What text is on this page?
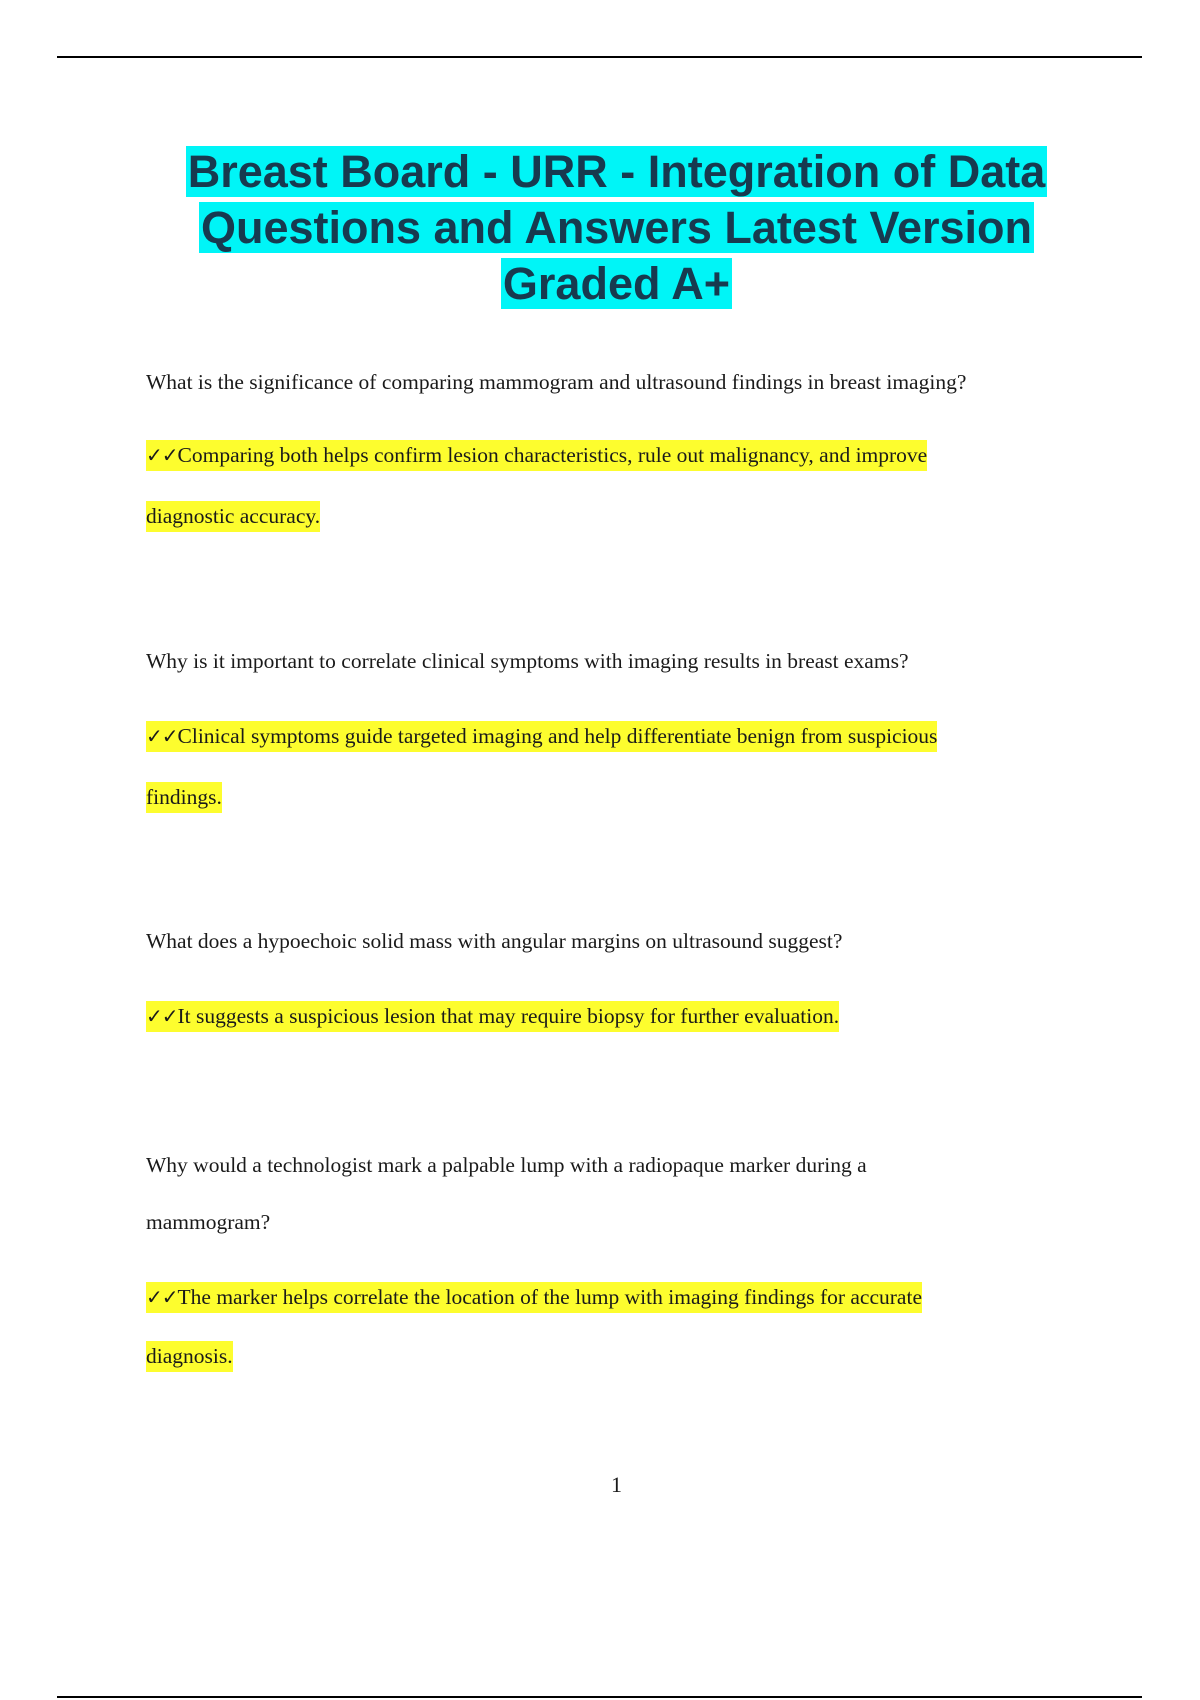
Breast Board - URR - Integration of Data
Questions and Answers Latest Version
Graded A+
What is the significance of comparing mammogram and ultrasound findings in breast imaging?
✓✓Comparing both helps confirm lesion characteristics, rule out malignancy, and improve
diagnostic accuracy.
Why is it important to correlate clinical symptoms with imaging results in breast exams?
✓✓Clinical symptoms guide targeted imaging and help differentiate benign from suspicious
findings.
What does a hypoechoic solid mass with angular margins on ultrasound suggest?
✓✓It suggests a suspicious lesion that may require biopsy for further evaluation.
Why would a technologist mark a palpable lump with a radiopaque marker during a
mammogram?
✓✓The marker helps correlate the location of the lump with imaging findings for accurate
diagnosis.
1
